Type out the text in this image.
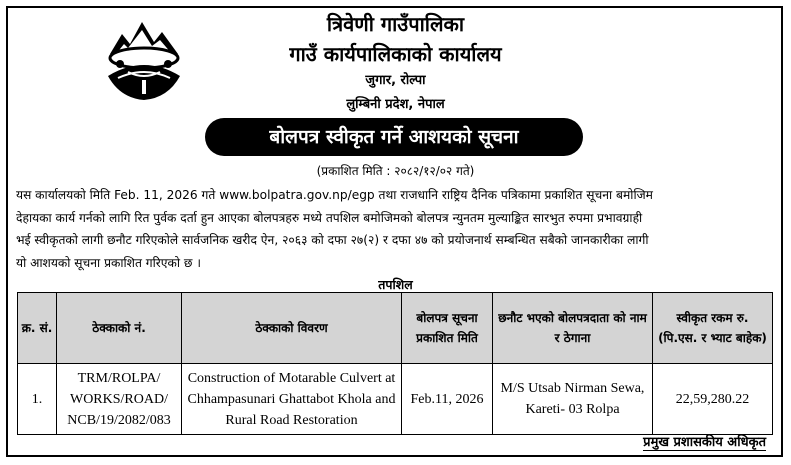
त्रिवेणी गाउँपालिका
गाउँ कार्यपालिकाको कार्यालय
जुगार, रोल्पा
लुम्बिनी प्रदेश, नेपाल
बोलपत्र स्वीकृत गर्ने आशयको सूचना
(प्रकाशित मिति : २०८२/१२/०२ गते)
यस कार्यालयको मिति Feb. 11, 2026 गते www.bolpatra.gov.np/egp तथा राजधानि राष्ट्रिय दैनिक पत्रिकामा प्रकाशित सूचना बमोजिम
देहायका कार्य गर्नको लागि रित पुर्वक दर्ता हुन आएका बोलपत्रहरु मध्ये तपशिल बमोजिमको बोलपत्र न्युनतम मुल्याङ्कित सारभुत रुपमा प्रभावग्राही
भई स्वीकृतको लागी छनौट गरिएकोले सार्वजनिक खरीद ऐन, २०६३ को दफा २७(२) र दफा ४७ को प्रयोजनार्थ सम्बन्धित सबैको जानकारीका लागी
यो आशयको सूचना प्रकाशित गरिएको छ ।
तपशिल
क्र. सं.	ठेक्काको नं.	ठेक्काको विवरण	बोलपत्र सूचना प्रकाशित मिति	छनौट भएको बोलपत्रदाता को नाम र ठेगाना	स्वीकृत रकम रु. (पि.एस. र भ्याट बाहेक)
1.	TRM/ROLPA/ WORKS/ROAD/ NCB/19/2082/083	Construction of Motarable Culvert at Chhampasunari Ghattabot Khola and Rural Road Restoration	Feb.11, 2026	M/S Utsab Nirman Sewa, Kareti- 03 Rolpa	22,59,280.22
प्रमुख प्रशासकीय अधिकृत
